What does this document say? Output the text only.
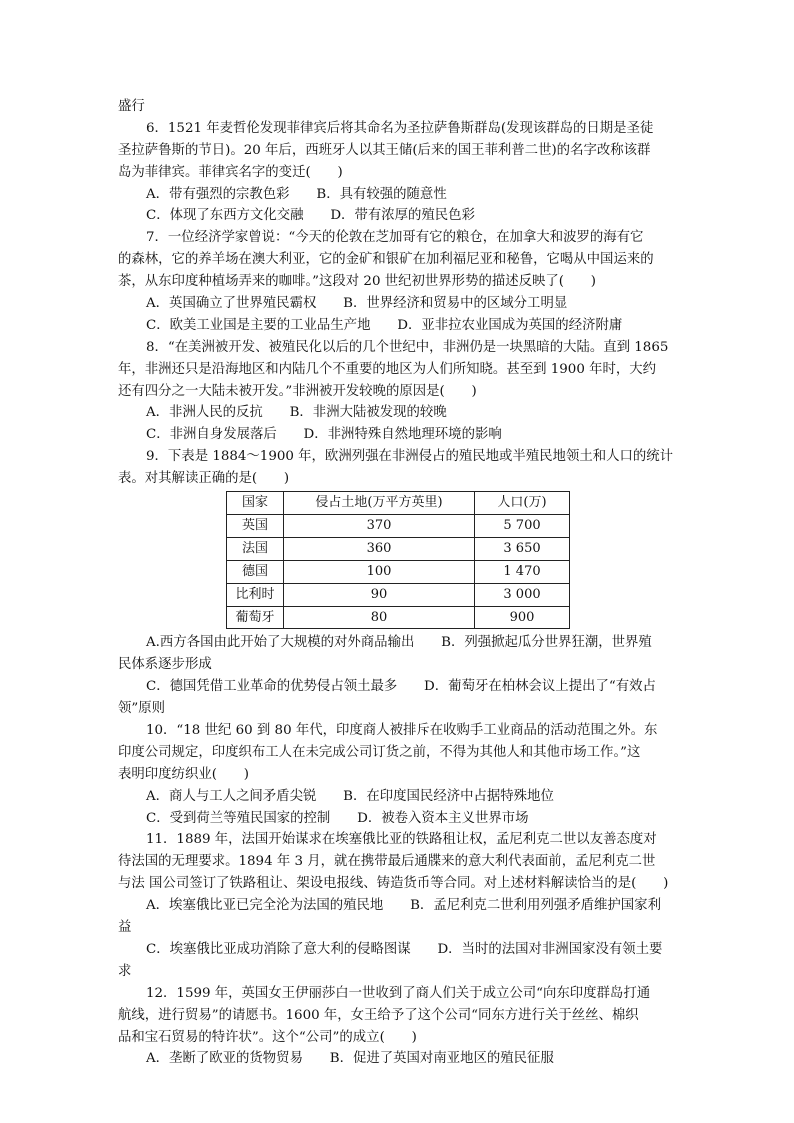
盛行
6．1521 年麦哲伦发现菲律宾后将其命名为圣拉萨鲁斯群岛(发现该群岛的日期是圣徒
圣拉萨鲁斯的节日)。20 年后，西班牙人以其王储(后来的国王菲利普二世)的名字改称该群
岛为菲律宾。菲律宾名字的变迁(　　)
A．带有强烈的宗教色彩　　B．具有较强的随意性
C．体现了东西方文化交融　　D．带有浓厚的殖民色彩
7．一位经济学家曾说：“今天的伦敦在芝加哥有它的粮仓，在加拿大和波罗的海有它
的森林，它的养羊场在澳大利亚，它的金矿和银矿在加利福尼亚和秘鲁，它喝从中国运来的
茶，从东印度种植场弄来的咖啡。”这段对 20 世纪初世界形势的描述反映了(　　)
A．英国确立了世界殖民霸权　　B．世界经济和贸易中的区域分工明显
C．欧美工业国是主要的工业品生产地　　D．亚非拉农业国成为英国的经济附庸
8．“在美洲被开发、被殖民化以后的几个世纪中，非洲仍是一块黑暗的大陆。直到 1865
年，非洲还只是沿海地区和内陆几个不重要的地区为人们所知晓。甚至到 1900 年时，大约
还有四分之一大陆未被开发。”非洲被开发较晚的原因是(　　)
A．非洲人民的反抗　　B．非洲大陆被发现的较晚
C．非洲自身发展落后　　D．非洲特殊自然地理环境的影响
9．下表是 1884～1900 年，欧洲列强在非洲侵占的殖民地或半殖民地领土和人口的统计
表。对其解读正确的是(　　)
国家	侵占土地(万平方英里)	人口(万)
英国	370	5 700
法国	360	3 650
德国	100	1 470
比利时	90	3 000
葡萄牙	80	900
A.西方各国由此开始了大规模的对外商品输出　　B．列强掀起瓜分世界狂潮，世界殖
民体系逐步形成
C．德国凭借工业革命的优势侵占领土最多　　D．葡萄牙在柏林会议上提出了“有效占
领”原则
10．“18 世纪 60 到 80 年代，印度商人被排斥在收购手工业商品的活动范围之外。东
印度公司规定，印度织布工人在未完成公司订货之前，不得为其他人和其他市场工作。”这
表明印度纺织业(　　)
A．商人与工人之间矛盾尖锐　　B．在印度国民经济中占据特殊地位
C．受到荷兰等殖民国家的控制　　D．被卷入资本主义世界市场
11．1889 年，法国开始谋求在埃塞俄比亚的铁路租让权，孟尼利克二世以友善态度对
待法国的无理要求。1894 年 3 月，就在携带最后通牒来的意大利代表面前，孟尼利克二世
与法 国公司签订了铁路租让、架设电报线、铸造货币等合同。对上述材料解读恰当的是(　　)
A．埃塞俄比亚已完全沦为法国的殖民地　　B．孟尼利克二世利用列强矛盾维护国家利
益
C．埃塞俄比亚成功消除了意大利的侵略图谋　　D．当时的法国对非洲国家没有领土要
求
12．1599 年，英国女王伊丽莎白一世收到了商人们关于成立公司“向东印度群岛打通
航线，进行贸易”的请愿书。1600 年，女王给予了这个公司“同东方进行关于丝丝、棉织
品和宝石贸易的特许状”。这个“公司”的成立(　　)
A．垄断了欧亚的货物贸易　　B．促进了英国对南亚地区的殖民征服
